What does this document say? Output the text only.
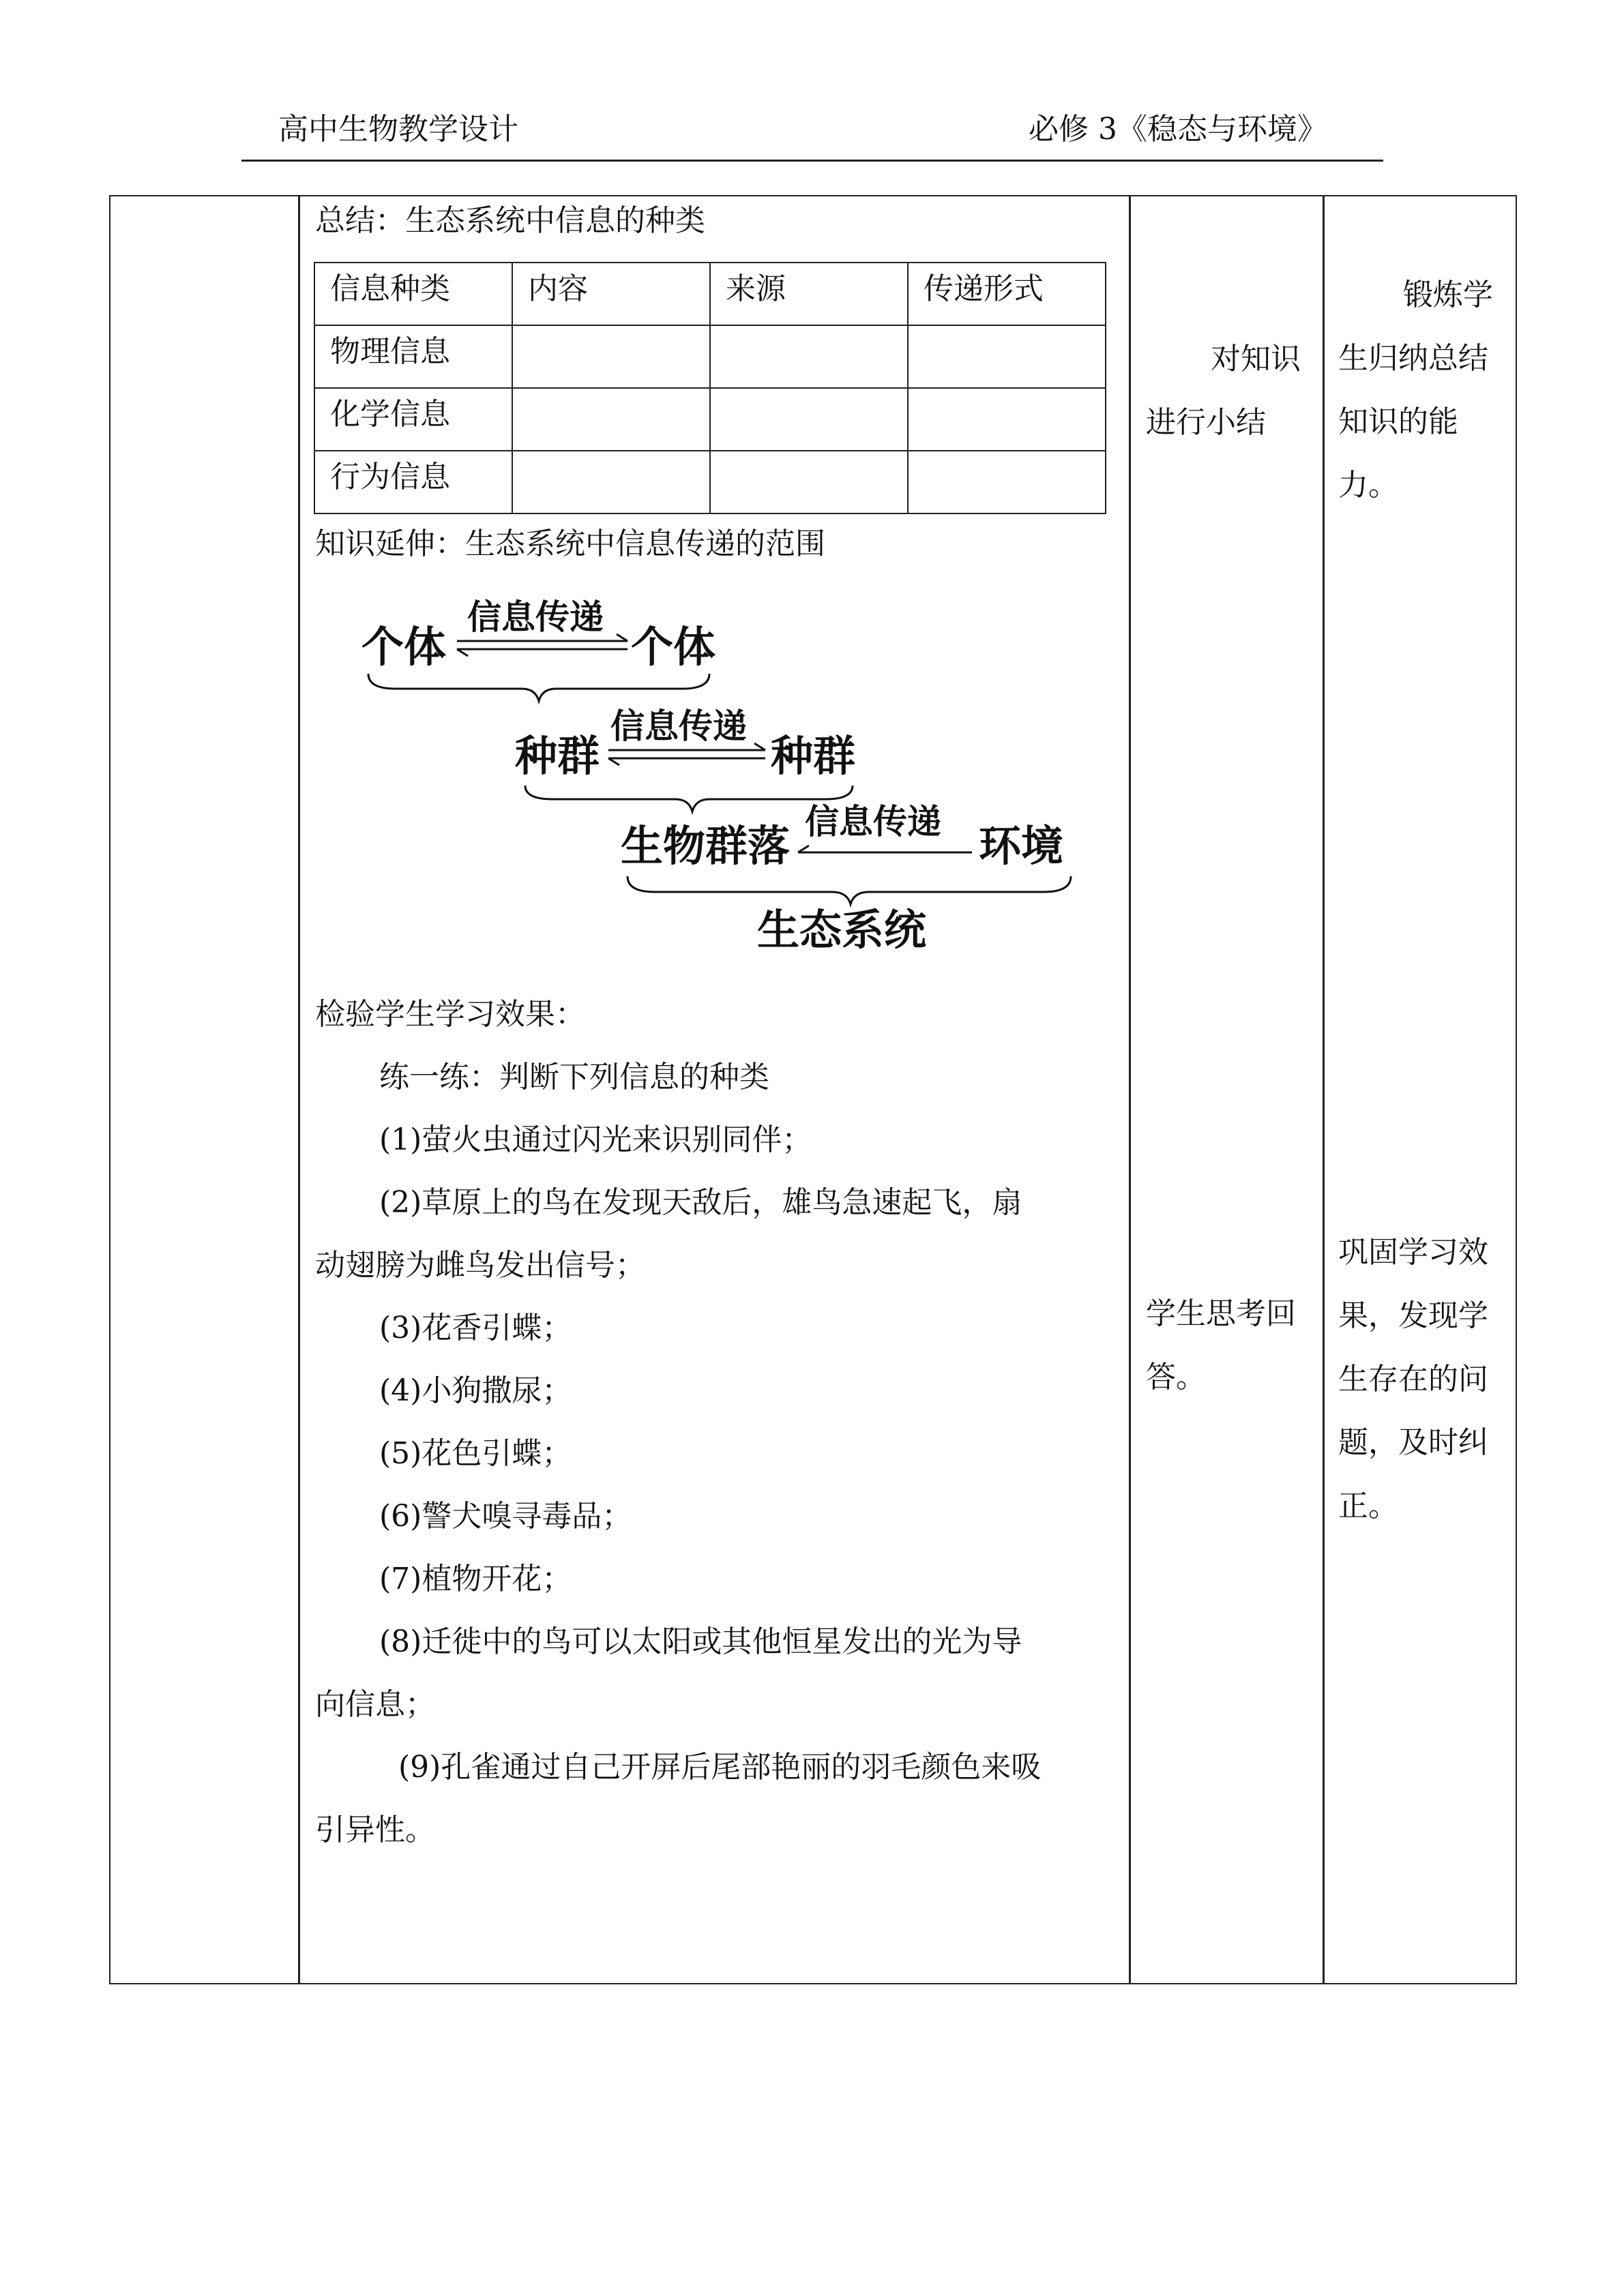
高中生物教学设计	必修 3《稳态与环境》
总结：生态系统中信息的种类
信息种类	内容	来源	传递形式

物理信息			

化学信息			

行为信息			

知识延伸：生态系统中信息传递的范围
个体
信息传递
个体
种群
信息传递
种群
生物群落 信息传递 环境
生态系统
检验学生学习效果：
练一练：判断下列信息的种类
(1)萤火虫通过闪光来识别同伴；
(2)草原上的鸟在发现天敌后，雄鸟急速起飞，扇
动翅膀为雌鸟发出信号；
(3)花香引蝶；
(4)小狗撒尿；
(5)花色引蝶；
(6)警犬嗅寻毒品；
(7)植物开花；
(8)迁徙中的鸟可以太阳或其他恒星发出的光为导
向信息；
(9)孔雀通过自己开屏后尾部艳丽的羽毛颜色来吸
引异性。
对知识
进行小结
学生思考回
答。
锻炼学
生归纳总结
知识的能
力。
巩固学习效
果，发现学
生存在的问
题，及时纠
正。
